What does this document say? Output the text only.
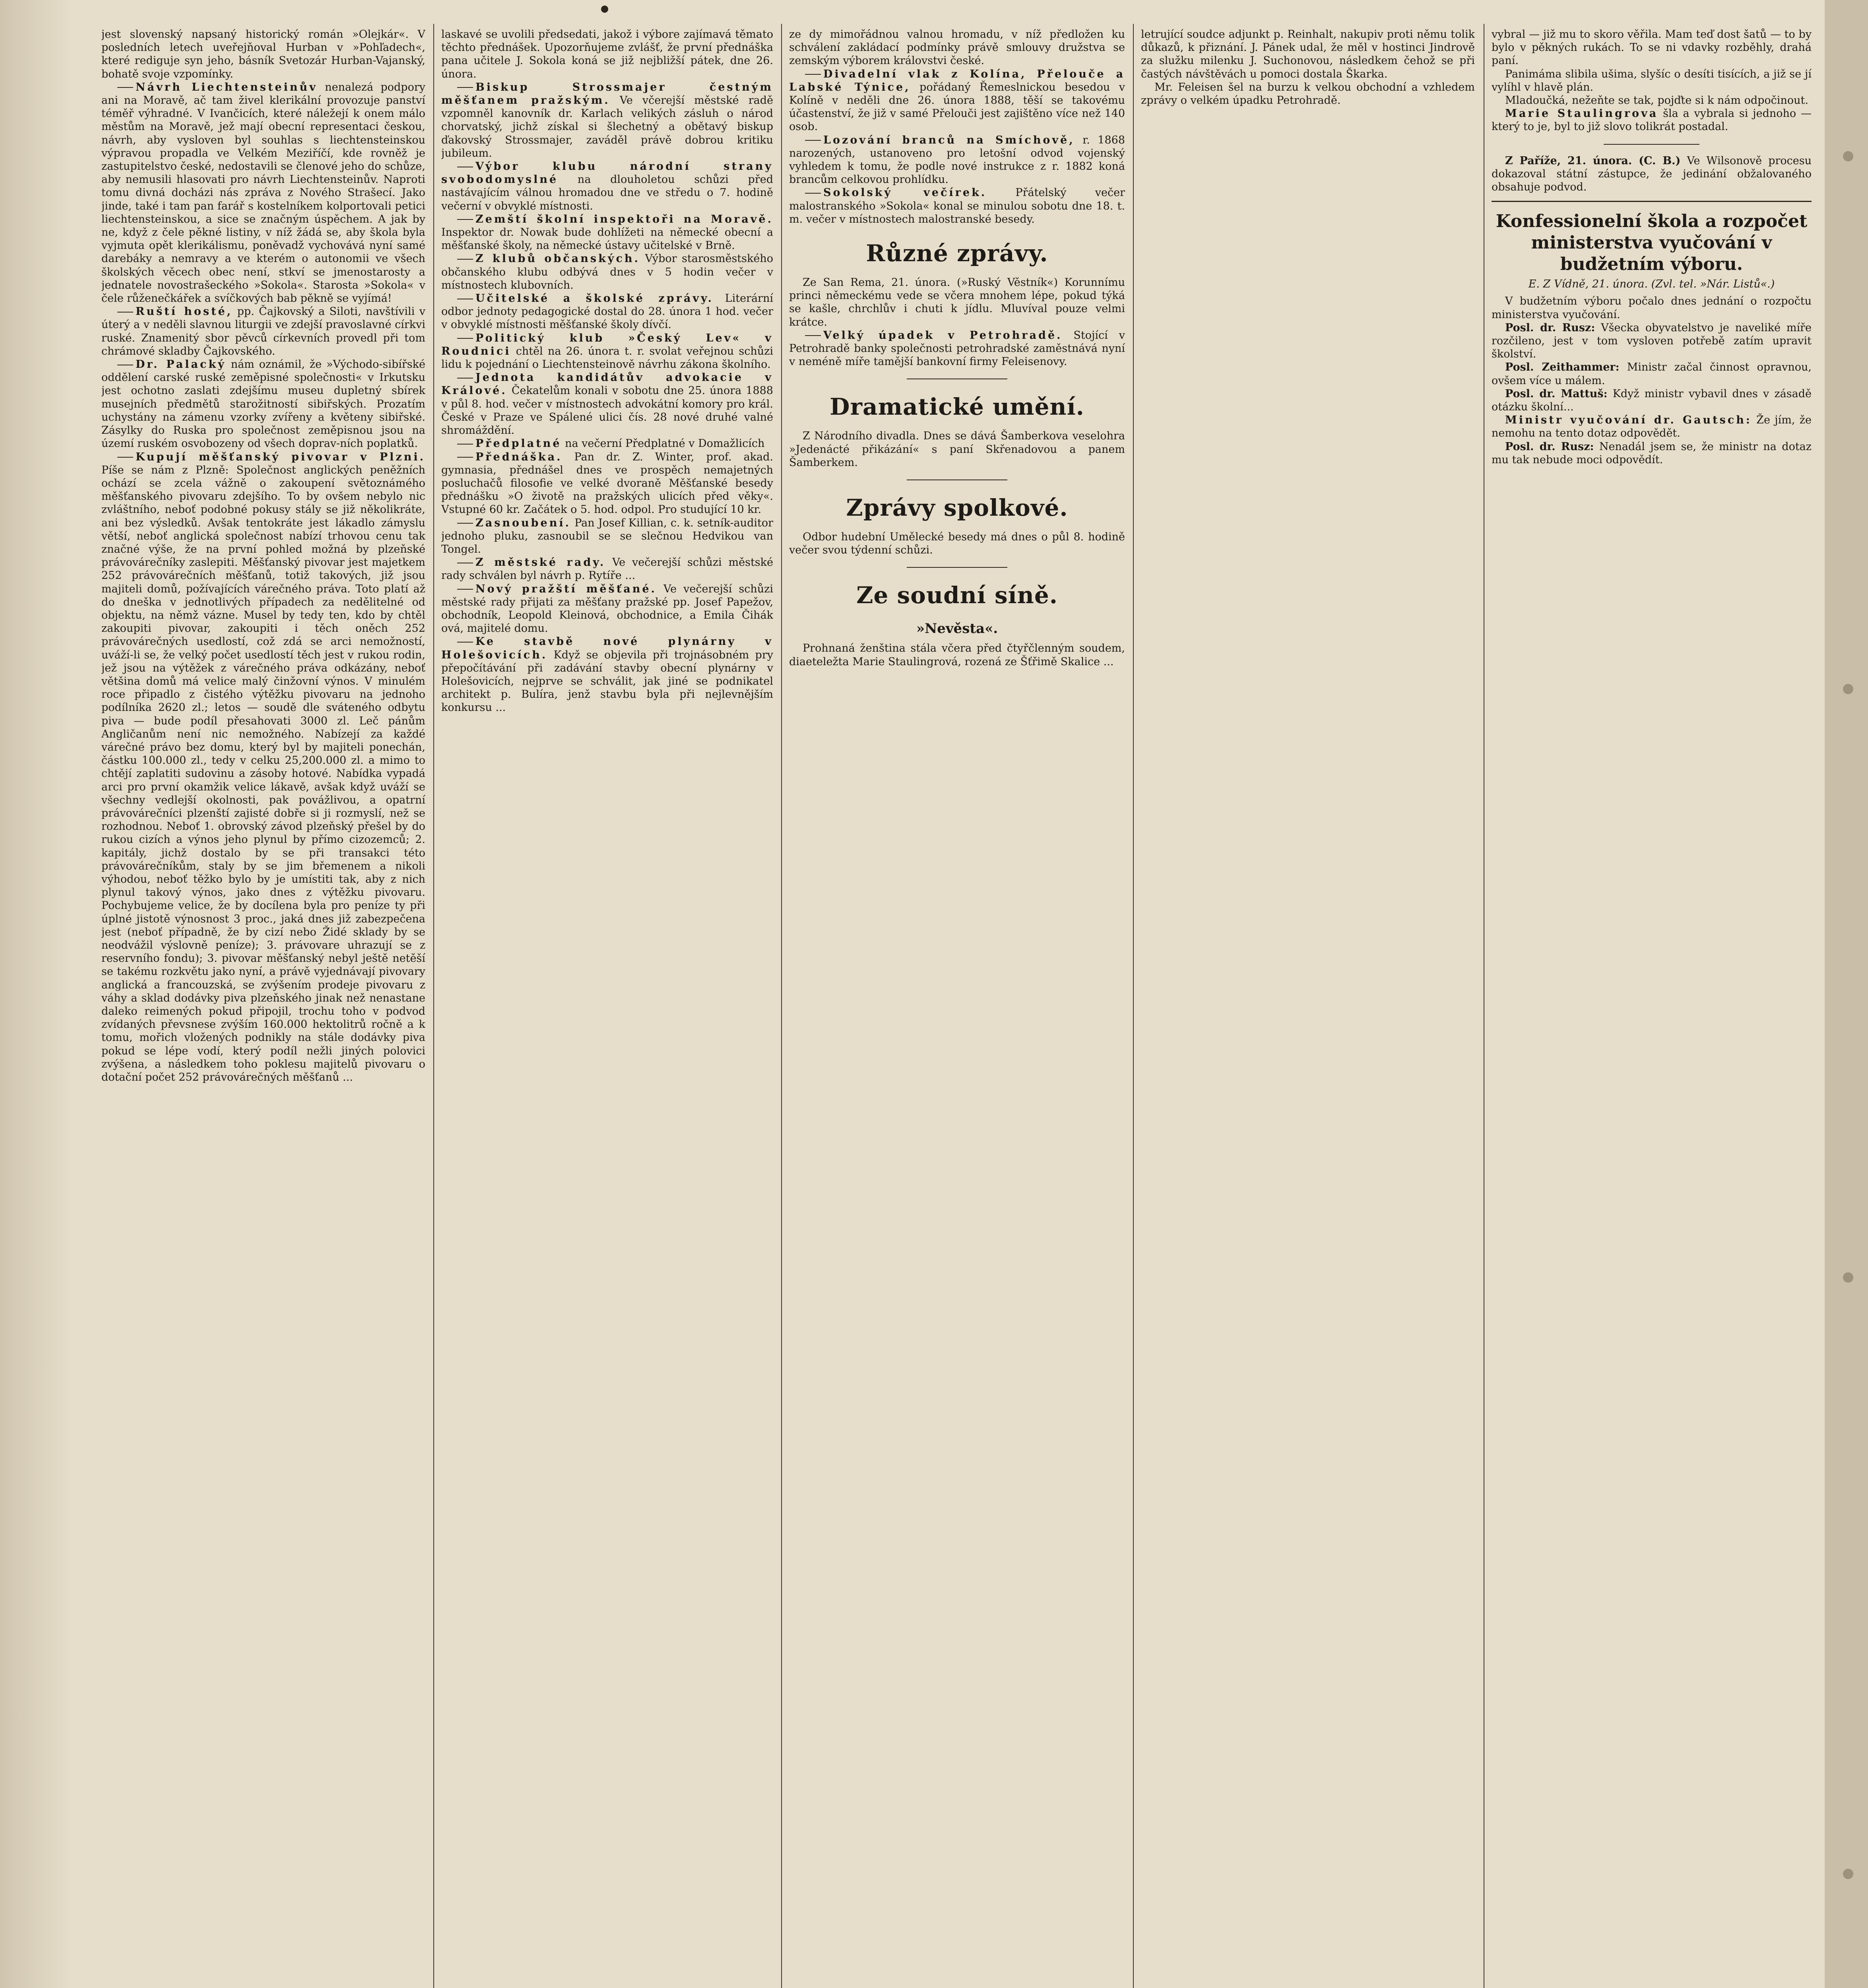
jest slovenský napsaný historický román »Olejkár«. V posledních letech uveřejňoval Hurban v »Pohľadech«, které rediguje syn jeho, básník Svetozár Hurban-Vajanský, bohatě svoje vzpomínky.

Návrh Liechtensteinův nenalezá podpory ani na Moravě, ač tam živel klerikální provozuje panství téměř výhradné. V Ivančicích, které náležejí k onem málo městům na Moravě, jež mají obecní representaci českou, návrh, aby vysloven byl souhlas s liechtensteinskou výpravou propadla ve Velkém Meziříčí, kde rovněž je zastupitelstvo české, nedostavili se členové jeho do schůze, aby nemusili hlasovati pro návrh Liechtensteinův. Naproti tomu divná docházi nás zpráva z Nového Strašecí. Jako jinde, také i tam pan farář s kostelníkem kolportovali petici liechtensteinskou, a sice se značným úspěchem. A jak by ne, když z čele pěkné listiny, v níž žádá se, aby škola byla vyjmuta opět klerikálismu, poněvadž vychovává nyní samé darebáky a nemravy a ve kterém o autonomii ve všech školských věcech obec není, stkví se jmenostarosty a jednatele novostrašeckého »Sokola«. Starosta »Sokola« v čele růženečkářek a svíčkových bab pěkně se vyjímá!

Ruští hosté, pp. Čajkovský a Siloti, navštívili v úterý a v neděli slavnou liturgii ve zdejší pravoslavné církvi ruské. Znamenitý sbor pěvců církevních provedl při tom chrámové skladby Čajkovského.

Dr. Palacký nám oznámil, že »Východo-sibířské oddělení carské ruské zeměpisné společnosti« v Irkutsku jest ochotno zaslati zdejšímu museu dupletný sbírek musejních předmětů starožitností sibiřských. Prozatím uchystány na zámenu vzorky zvířeny a květeny sibiřské. Zásylky do Ruska pro společnost zeměpisnou jsou na území ruském osvobozeny od všech doprav-ních poplatků.

Kupují měšťanský pivovar v Plzni. Píše se nám z Plzně: Společnost anglických peněžních ochází se zcela vážně o zakoupení světoznámého měšťanského pivovaru zdejšího. To by ovšem nebylo nic zvláštního, neboť podobné pokusy stály se již několikráte, ani bez výsledků. Avšak tentokráte jest lákadlo zámyslu větší, neboť anglická společnost nabízí trhovou cenu tak značné výše, že na první pohled možná by plzeňské právovárečníky zaslepiti. Měšťanský pivovar jest majetkem 252 právovárečních měšťanů, totiž takových, již jsou majiteli domů, požívajících várečného práva. Toto platí až do dneška v jednotlivých případech za nedělitelné od objektu, na němž vázne. Musel by tedy ten, kdo by chtěl zakoupiti pivovar, zakoupiti i těch oněch 252 právovárečných usedlostí, což zdá se arci nemožností, uváží-li se, že velký počet usedlostí těch jest v rukou rodin, jež jsou na výtěžek z várečného práva odkázány, neboť většina domů má velice malý činžovní výnos. V minulém roce připadlo z čistého výtěžku pivovaru na jednoho podílníka 2620 zl.; letos — soudě dle sváteného odbytu piva — bude podíl přesahovati 3000 zl. Leč pánům Angličanům není nic nemožného. Nabízejí za každé várečné právo bez domu, který byl by majiteli ponechán, částku 100.000 zl., tedy v celku 25,200.000 zl. a mimo to chtějí zaplatiti sudovinu a zásoby hotové. Nabídka vypadá arci pro první okamžik velice lákavě, avšak když uváží se všechny vedlejší okolnosti, pak povážlivou, a opatrní právovárečníci plzenští zajisté dobře si ji rozmyslí, než se rozhodnou. Neboť 1. obrovský závod plzeňský přešel by do rukou cizích a výnos jeho plynul by přímo cizozemců; 2. kapitály, jichž dostalo by se při transakci této právovárečníkům, staly by se jim břemenem a nikoli výhodou, neboť těžko bylo by je umístiti tak, aby z nich plynul takový výnos, jako dnes z výtěžku pivovaru. Pochybujeme velice, že by docílena byla pro peníze ty při úplné jistotě výnosnost 3 proc., jaká dnes již zabezpečena jest (neboť případně, že by cizí nebo Židé sklady by se neodvážil výslovně peníze); 3. právovare uhrazují se z reservního fondu); 3. pivovar měšťanský nebyl ještě netěší se takému rozkvětu jako nyní, a právě vyjednávají pivovary anglická a francouzská, se zvýšením prodeje pivovaru z váhy a sklad dodávky piva plzeňského jinak než nenastane daleko reimených pokud připojil, trochu toho v podvod zvídaných převsnese zvýším 160.000 hektolitrů ročně a k tomu, mořich vložených podnikly na stále dodávky piva pokud se lépe vodí, který podíl nežli jiných polovici zvýšena, a následkem toho poklesu majitelů pivovaru o dotační počet 252 právovárečných měšťanů ...

laskavé se uvolili předsedati, jakož i výbore zajímavá těmato těchto přednášek. Upozorňujeme zvlášť, že první přednáška pana učitele J. Sokola koná se již nejbližší pátek, dne 26. února.

Biskup Strossmajer čestným měšťanem pražským. Ve včerejší městské radě vzpomněl kanovník dr. Karlach velikých zásluh o národ chorvatský, jichž získal si šlechetný a obětavý biskup ďakovský Strossmajer, zaváděl právě dobrou kritiku jubileum.

Výbor klubu národní strany svobodomyslné na dlouholetou schůzi před nastávajícím válnou hromadou dne ve středu o 7. hodině večerní v obvyklé místnosti.

Zemští školní inspektoři na Moravě. Inspektor dr. Nowak bude dohlížeti na německé obecní a měšťanské školy, na německé ústavy učitelské v Brně.

Z klubů občanských. Výbor starosměstského občanského klubu odbývá dnes v 5 hodin večer v místnostech klubovních.

Učitelské a školské zprávy. Literární odbor jednoty pedagogické dostal do 28. února 1 hod. večer v obvyklé místnosti měšťanské školy dívčí.

Politický klub »Český Lev« v Roudnici chtěl na 26. února t. r. svolat veřejnou schůzi lidu k pojednání o Liechtensteinově návrhu zákona školního.

Jednota kandidátův advokacie v Králové. Čekatelům konali v sobotu dne 25. února 1888 v půl 8. hod. večer v místnostech advokátní komory pro král. České v Praze ve Spálené ulici čís. 28 nové druhé valné shromáždění.

Předplatné na večerní Předplatné v Domažlicích

Přednáška. Pan dr. Z. Winter, prof. akad. gymnasia, přednášel dnes ve prospěch nemajetných posluchačů filosofie ve velké dvoraně Měšťanské besedy přednášku »O životě na pražských ulicích před věky«. Vstupné 60 kr. Začátek o 5. hod. odpol. Pro studující 10 kr.

Zasnoubení. Pan Josef Killian, c. k. setník-auditor jednoho pluku, zasnoubil se se slečnou Hedvikou van Tongel.

Z městské rady. Ve večerejší schůzi městské rady schválen byl návrh p. Rytíře ...

Nový pražští měšťané. Ve večerejší schůzi městské rady přijati za měšťany pražské pp. Josef Papežov, obchodník, Leopold Kleinová, obchodnice, a Emila Čihák ová, majitelé domu.

Ke stavbě nové plynárny v Holešovicích. Když se objevila při trojnásobném pry přepočítávání při zadávání stavby obecní plynárny v Holešovicích, nejprve se schválit, jak jiné se podnikatel architekt p. Bulíra, jenž stavbu byla při nejlevnějším konkursu ...

ze dy mimořádnou valnou hromadu, v níž předložen ku schválení zakládací podmínky právě smlouvy družstva se zemským výborem královstvi české.

Divadelní vlak z Kolína, Přelouče a Labské Týnice, pořádaný Řemeslnickou besedou v Kolíně v neděli dne 26. února 1888, těší se takovému účastenství, že již v samé Přelouči jest zajištěno více než 140 osob.

Lozování branců na Smíchově, r. 1868 narozených, ustanoveno pro letošní odvod vojenský vyhledem k tomu, že podle nové instrukce z r. 1882 koná brancům celkovou prohlídku.

Sokolský večírek. Přátelský večer malostranského »Sokola« konal se minulou sobotu dne 18. t. m. večer v místnostech malostranské besedy.

Různé zprávy.

Ze San Rema, 21. února. (»Ruský Věstník«) Korunnímu princi německému vede se včera mnohem lépe, pokud týká se kašle, chrchlův i chuti k jídlu. Mluvíval pouze velmi krátce.

Velký úpadek v Petrohradě. Stojící v Petrohradě banky společnosti petrohradské zaměstnává nyní v neméně míře tamější bankovní firmy Feleisenovy.

Dramatické umění.

Z Národního divadla. Dnes se dává Šamberkova veselohra »Jedenácté přikázání« s paní Skřenadovou a panem Šamberkem.

Zprávy spolkové.

Odbor hudební Umělecké besedy má dnes o půl 8. hodině večer svou týdenní schůzi.

Ze soudní síně.
»Nevěsta«.

Prohnaná ženština stála včera před čtyřčlenným soudem, diaeteležta Marie Staulingrová, rozená ze Šťřimě Skalice ...

letrující soudce adjunkt p. Reinhalt, nakupiv proti němu tolik důkazů, k přiznání. J. Pánek udal, že měl v hostinci Jindrově za služku milenku J. Suchonovou, následkem čehož se při častých návštěvách u pomoci dostala Škarka.

Mr. Feleisen šel na burzu k velkou obchodní a vzhledem zprávy o velkém úpadku Petrohradě.

vybral — již mu to skoro věřila. Mam teď dost šatů — to by bylo v pěkných rukách. To se ni vdavky rozběhly, drahá paní.

Panimáma slibila ušima, slyšíc o desíti tisících, a již se jí vylíhl v hlavě plán.

Mladoučká, nežeňte se tak, pojďte si k nám odpočinout.

Marie Staulingrova šla a vybrala si jednoho — který to je, byl to již slovo tolikrát postadal.

Z Paříže, 21. února. (C. B.) Ve Wilsonově procesu dokazoval státní zástupce, že jedinání obžalovaného obsahuje podvod.

Konfessionelní škola a rozpočet ministerstva vyučování v budžetním výboru.
E. Z Vídně, 21. února. (Zvl. tel. »Nár. Listů«.)

V budžetním výboru počalo dnes jednání o rozpočtu ministerstva vyučování.

Posl. dr. Rusz: Všecka obyvatelstvo je naveliké míře rozčileno, jest v tom vysloven potřebě zatím upravit školství.

Posl. Zeithammer: Ministr začal činnost opravnou, ovšem více u málem.

Posl. dr. Mattuš: Když ministr vybavil dnes v zásadě otázku školní...

Ministr vyučování dr. Gautsch: Že jím, že nemohu na tento dotaz odpovědět.

Posl. dr. Rusz: Nenadál jsem se, že ministr na dotaz mu tak nebude moci odpovědít.
